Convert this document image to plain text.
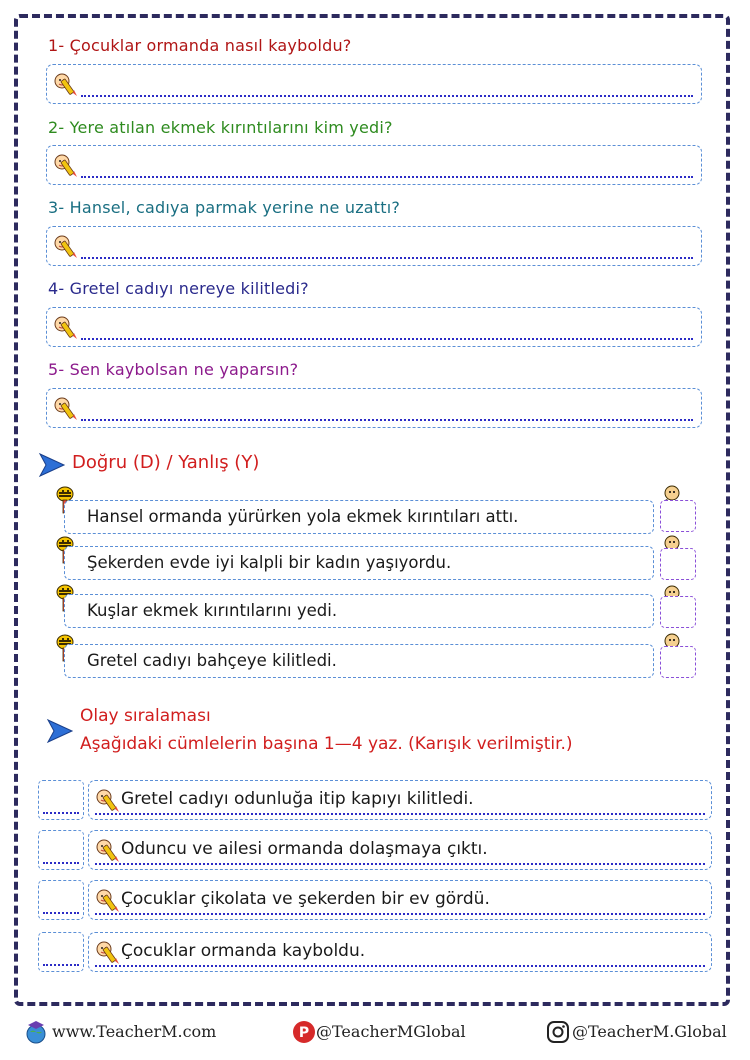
1- Çocuklar ormanda nasıl kayboldu?
2- Yere atılan ekmek kırıntılarını kim yedi?
3- Hansel, cadıya parmak yerine ne uzattı?
4- Gretel cadıyı nereye kilitledi?
5- Sen kaybolsan ne yaparsın?
Doğru (D) / Yanlış (Y)
Hansel ormanda yürürken yola ekmek kırıntıları attı.
Şekerden evde iyi kalpli bir kadın yaşıyordu.
Kuşlar ekmek kırıntılarını yedi.
Gretel cadıyı bahçeye kilitledi.
Olay sıralaması
Aşağıdaki cümlelerin başına 1—4 yaz. (Karışık verilmiştir.)
Gretel cadıyı odunluğa itip kapıyı kilitledi.
Oduncu ve ailesi ormanda dolaşmaya çıktı.
Çocuklar çikolata ve şekerden bir ev gördü.
Çocuklar ormanda kayboldu.
www.TeacherM.com	P @TeacherMGlobal	@TeacherM.Global
